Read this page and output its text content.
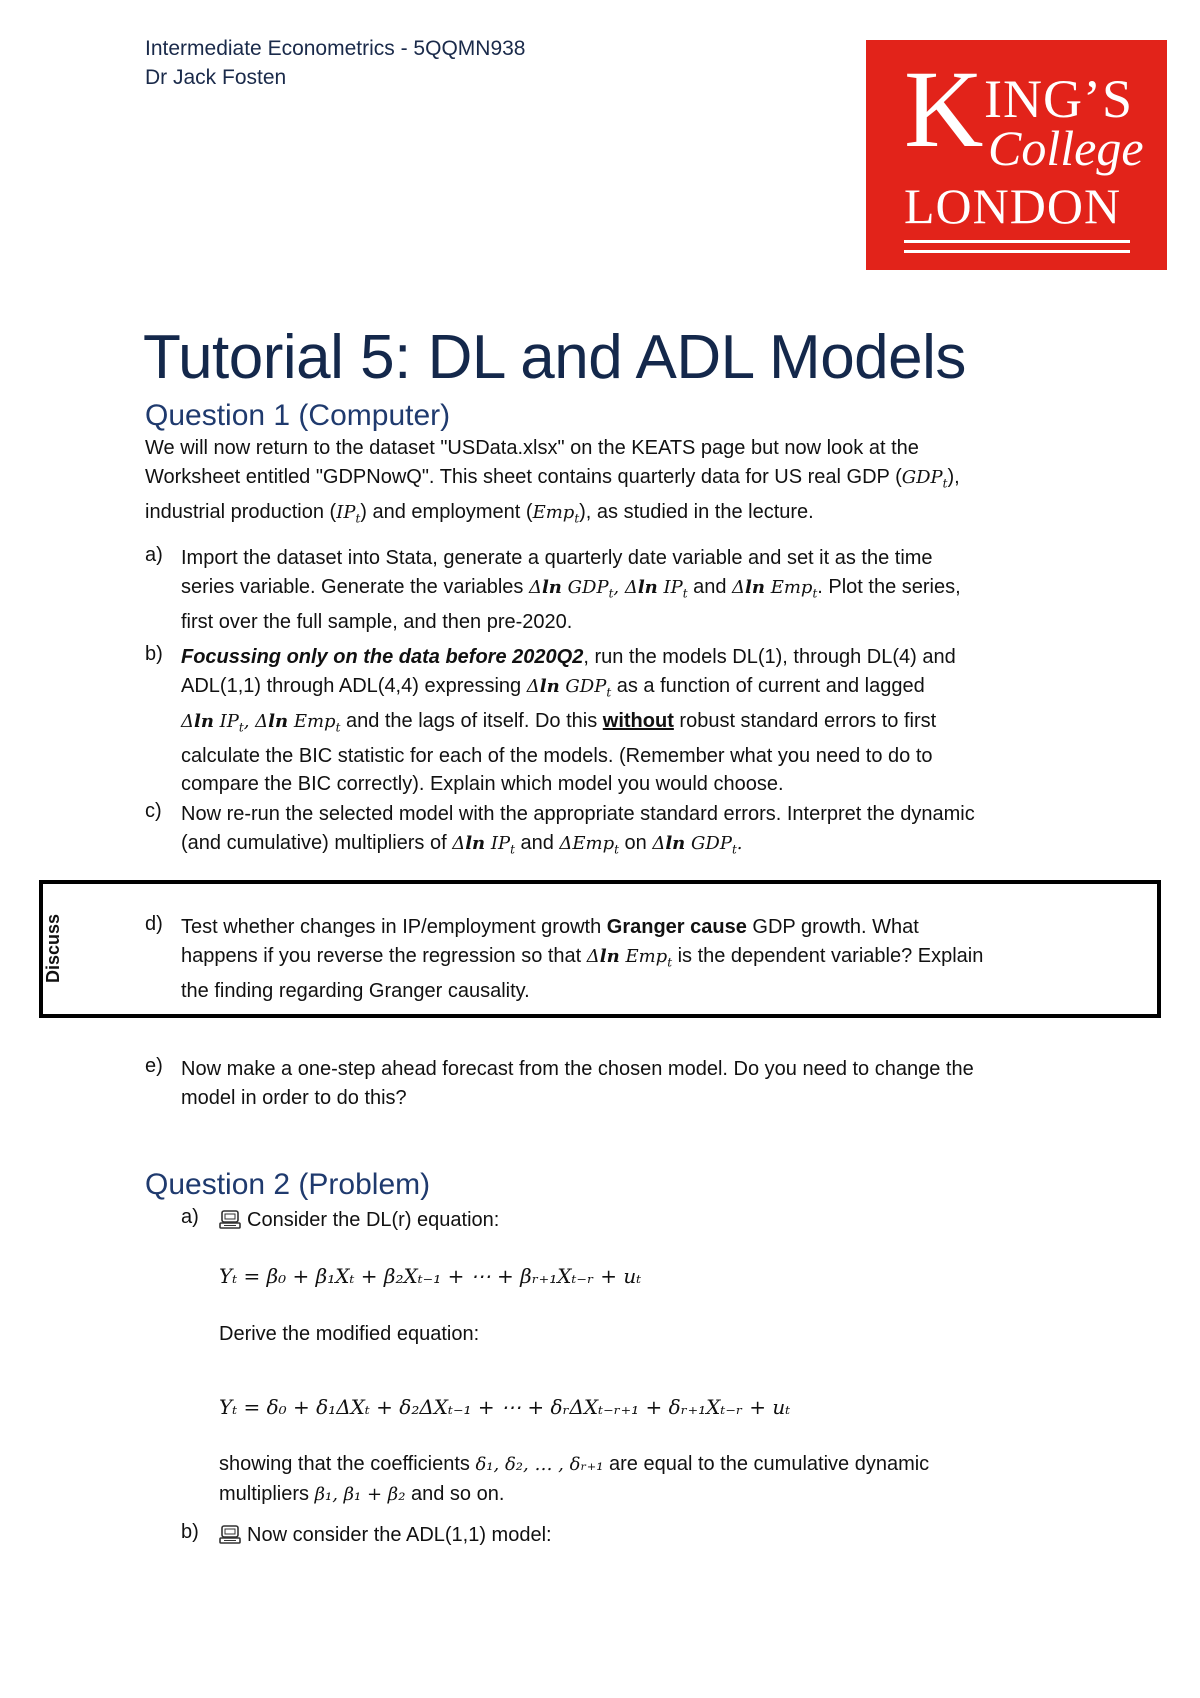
Intermediate Econometrics - 5QQMN938
Dr Jack Fosten	K ING’S
College
LONDON
Tutorial 5: DL and ADL Models
Question 1 (Computer)
We will now return to the dataset "USData.xlsx" on the KEATS page but now look at the
Worksheet entitled "GDPNowQ". This sheet contains quarterly data for US real GDP $(GDP_t)$,
industrial production $(IP_t)$ and employment (Emp$_t$), as studied in the lecture.
a) Import the dataset into Stata, generate a quarterly date variable and set it as the time
series variable. Generate the variables Δln $GDP_t$, Δln $IP_t$ and Δln Emp$_t$. Plot the series,
first over the full sample, and then pre-2020.
b) Focussing only on the data before 2020Q2, run the models DL(1), through DL(4) and
ADL(1,1) through ADL(4,4) expressing Δln $GDP_t$ as a function of current and lagged
Δln $IP_t$, Δln Emp$_t$ and the lags of itself. Do this without robust standard errors to first
calculate the BIC statistic for each of the models. (Remember what you need to do to
compare the BIC correctly). Explain which model you would choose.
c) Now re-run the selected model with the appropriate standard errors. Interpret the dynamic
(and cumulative) multipliers of Δln $IP_t$ and ΔEmp$_t$ on Δln $GDP_t$.
Discuss	d) Test whether changes in IP/employment growth Granger cause GDP growth. What
happens if you reverse the regression so that Δln Emp$_t$ is the dependent variable? Explain
the finding regarding Granger causality.
e) Now make a one-step ahead forecast from the chosen model. Do you need to change the
model in order to do this?
Question 2 (Problem)
a)	Consider the DL(r) equation:
Yₜ = β₀ + β₁Xₜ + β₂Xₜ₋₁ + ⋯ + βᵣ₊₁Xₜ₋ᵣ + uₜ
Derive the modified equation:
Yₜ = δ₀ + δ₁ΔXₜ + δ₂ΔXₜ₋₁ + ⋯ + δᵣΔXₜ₋ᵣ₊₁ + δᵣ₊₁Xₜ₋ᵣ + uₜ
showing that the coefficients δ₁, δ₂, … , δᵣ₊₁ are equal to the cumulative dynamic
multipliers β₁, β₁ + β₂ and so on.
b)	Now consider the ADL(1,1) model:
